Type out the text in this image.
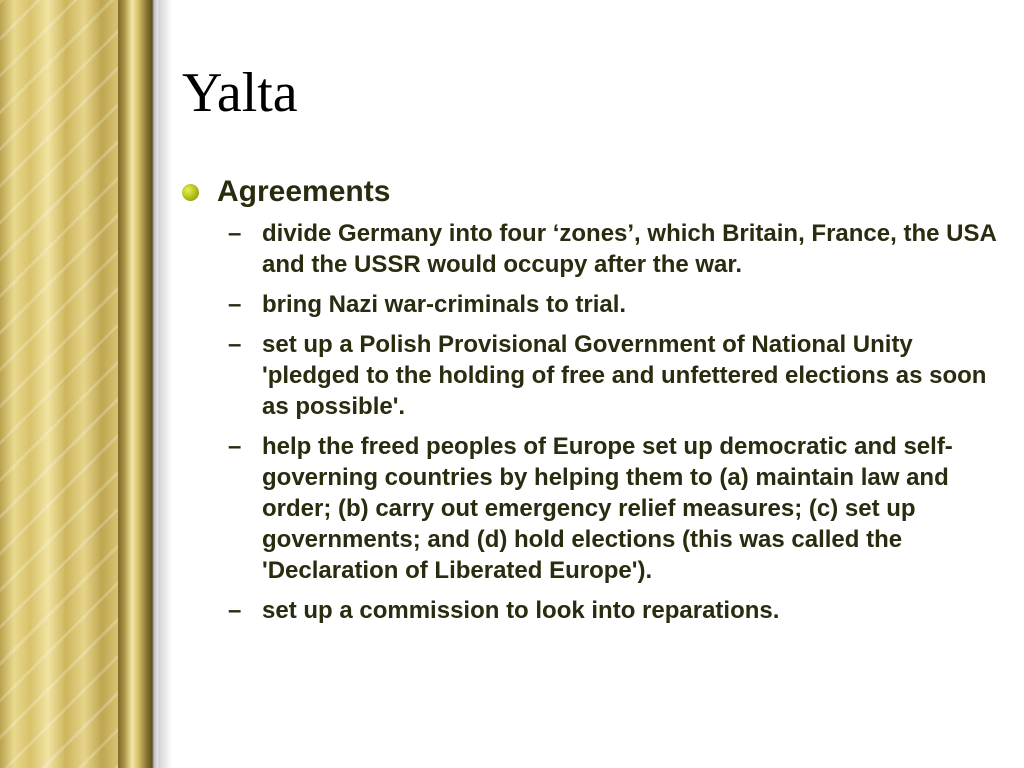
Yalta
Agreements
– divide Germany into four ‘zones’, which Britain, France, the USA and the USSR would occupy after the war.
– bring Nazi war-criminals to trial.
– set up a Polish Provisional Government of National Unity 'pledged to the holding of free and unfettered elections as soon as possible'.
– help the freed peoples of Europe set up democratic and self-governing countries by helping them to (a) maintain law and order; (b) carry out emergency relief measures; (c) set up governments; and (d) hold elections (this was called the 'Declaration of Liberated Europe').
– set up a commission to look into reparations.
